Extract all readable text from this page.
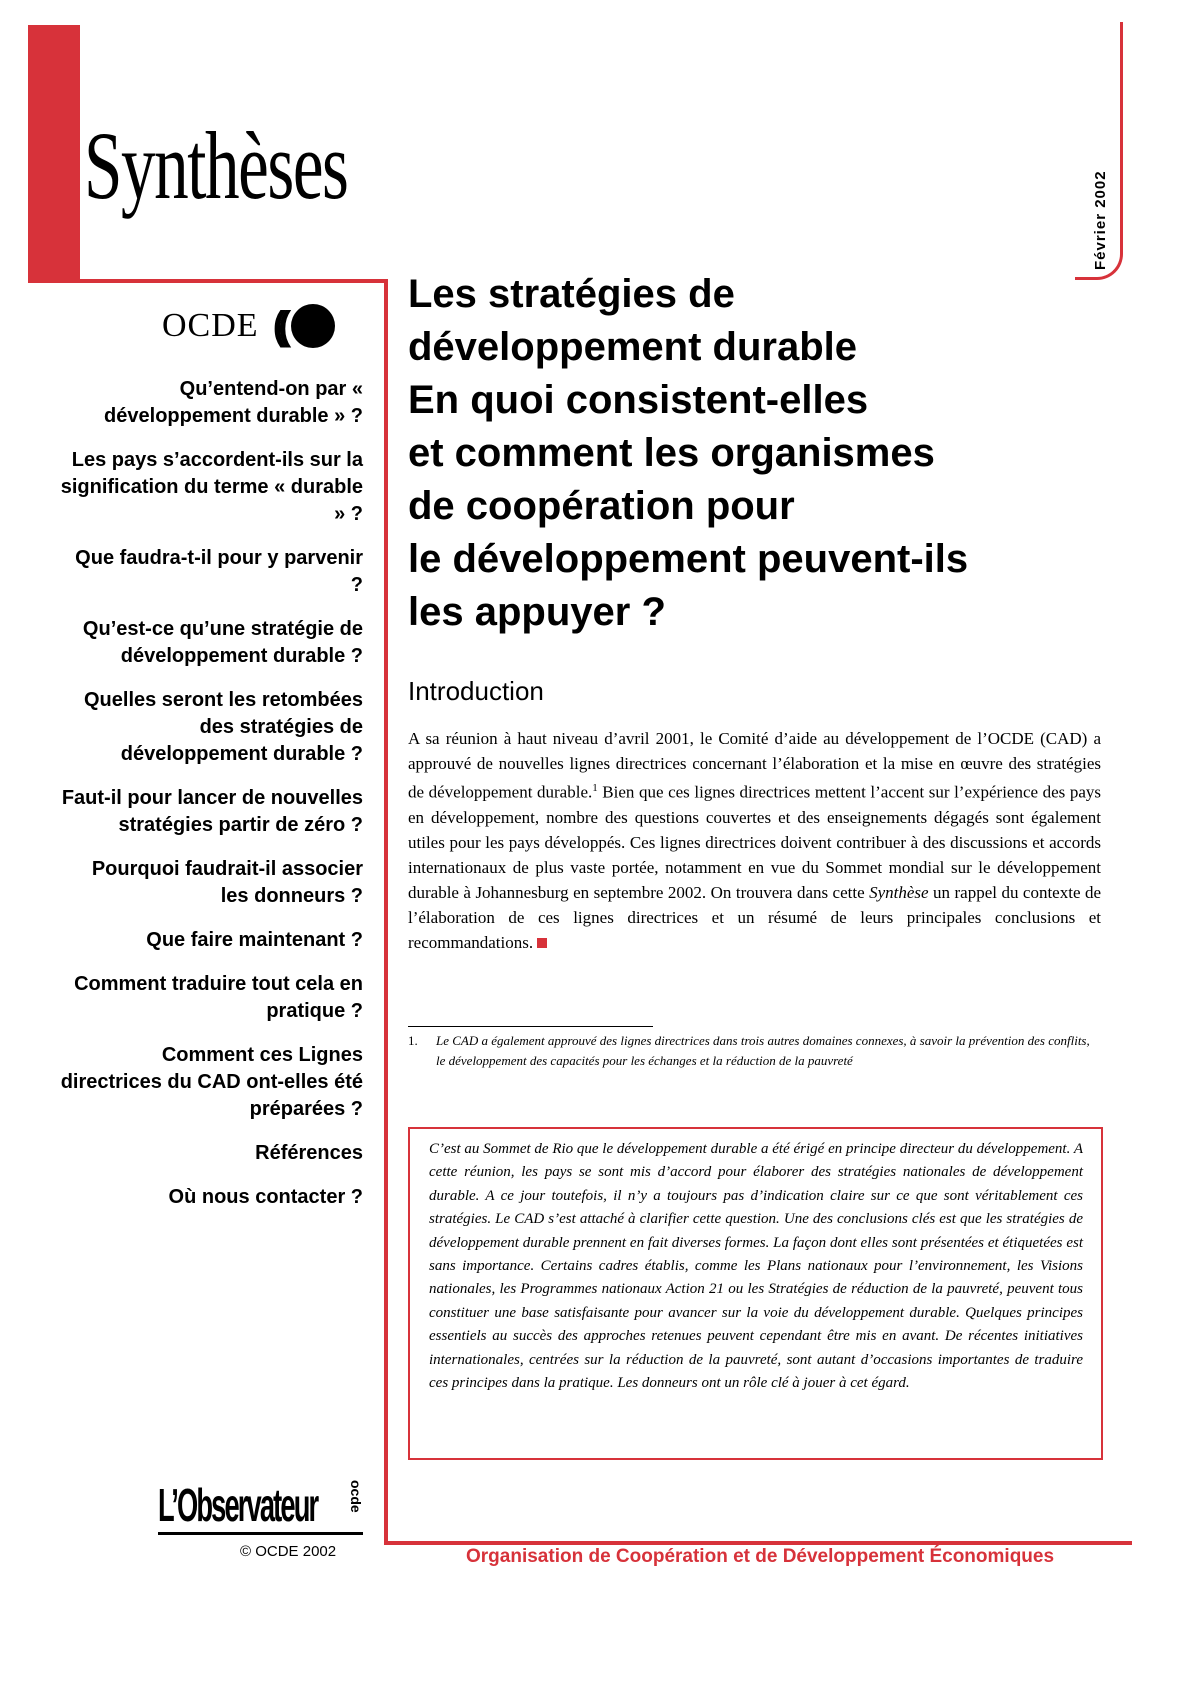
Février 2002
Synthèses
OCDE ((
Qu’entend-on par « développement durable » ?
Les pays s’accordent-ils sur la signification du terme « durable » ?
Que faudra-t-il pour y parvenir ?
Qu’est-ce qu’une stratégie de développement durable ?
Quelles seront les retombées des stratégies de développement durable ?
Faut-il pour lancer de nouvelles stratégies partir de zéro ?
Pourquoi faudrait-il associer les donneurs ?
Que faire maintenant ?
Comment traduire tout cela en pratique ?
Comment ces Lignes directrices du CAD ont-elles été préparées ?
Références
Où nous contacter ?
L’Observateur ocde
© OCDE 2002
Les stratégies de
développement durable
En quoi consistent-elles
et comment les organismes
de coopération pour
le développement peuvent-ils
les appuyer ?
Introduction

A sa réunion à haut niveau d’avril 2001, le Comité d’aide au développement de l’OCDE (CAD) a approuvé de nouvelles lignes directrices concernant l’élaboration et la mise en œuvre des stratégies de développement durable.$^1$ Bien que ces lignes directrices mettent l’accent sur l’expérience des pays en développement, nombre des questions couvertes et des enseignements dégagés sont également utiles pour les pays développés. Ces lignes directrices doivent contribuer à des discussions et accords internationaux de plus vaste portée, notamment en vue du Sommet mondial sur le développement durable à Johannesburg en septembre 2002. On trouvera dans cette Synthèse un rappel du contexte de l’élaboration de ces lignes directrices et un résumé de leurs principales conclusions et recommandations.

1. Le CAD a également approuvé des lignes directrices dans trois autres domaines connexes, à savoir la prévention des conflits, le développement des capacités pour les échanges et la réduction de la pauvreté
C’est au Sommet de Rio que le développement durable a été érigé en principe directeur du développement. A cette réunion, les pays se sont mis d’accord pour élaborer des stratégies nationales de développement durable. A ce jour toutefois, il n’y a toujours pas d’indication claire sur ce que sont véritablement ces stratégies. Le CAD s’est attaché à clarifier cette question. Une des conclusions clés est que les stratégies de développement durable prennent en fait diverses formes. La façon dont elles sont présentées et étiquetées est sans importance. Certains cadres établis, comme les Plans nationaux pour l’environnement, les Visions nationales, les Programmes nationaux Action 21 ou les Stratégies de réduction de la pauvreté, peuvent tous constituer une base satisfaisante pour avancer sur la voie du développement durable. Quelques principes essentiels au succès des approches retenues peuvent cependant être mis en avant. De récentes initiatives internationales, centrées sur la réduction de la pauvreté, sont autant d’occasions importantes de traduire ces principes dans la pratique. Les donneurs ont un rôle clé à jouer à cet égard.
Organisation de Coopération et de Développement Économiques
